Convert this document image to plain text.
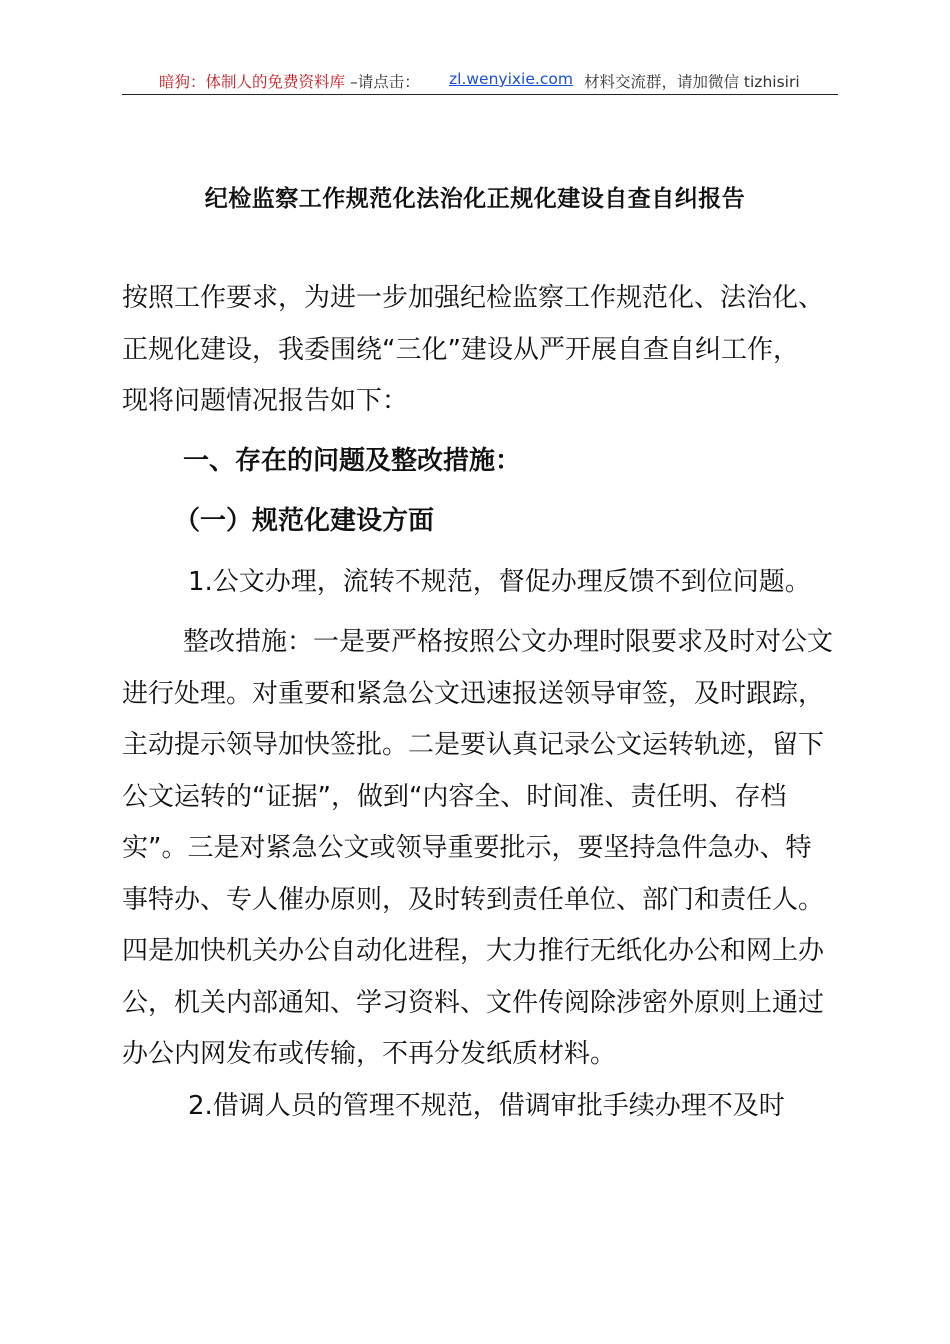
暗狗：体制人的免费资料库 –请点击： zl.wenyixie.com 材料交流群，请加微信 tizhisiri
纪检监察工作规范化法治化正规化建设自查自纠报告
按照工作要求，为进一步加强纪检监察工作规范化、法治化、
正规化建设，我委围绕“三化”建设从严开展自查自纠工作，
现将问题情况报告如下：
一、存在的问题及整改措施：
（一）规范化建设方面
1.公文办理，流转不规范，督促办理反馈不到位问题。
整改措施：一是要严格按照公文办理时限要求及时对公文
进行处理。对重要和紧急公文迅速报送领导审签，及时跟踪，
主动提示领导加快签批。二是要认真记录公文运转轨迹，留下
公文运转的“证据”，做到“内容全、时间准、责任明、存档
实”。三是对紧急公文或领导重要批示，要坚持急件急办、特
事特办、专人催办原则，及时转到责任单位、部门和责任人。
四是加快机关办公自动化进程，大力推行无纸化办公和网上办
公，机关内部通知、学习资料、文件传阅除涉密外原则上通过
办公内网发布或传输，不再分发纸质材料。
2.借调人员的管理不规范，借调审批手续办理不及时
